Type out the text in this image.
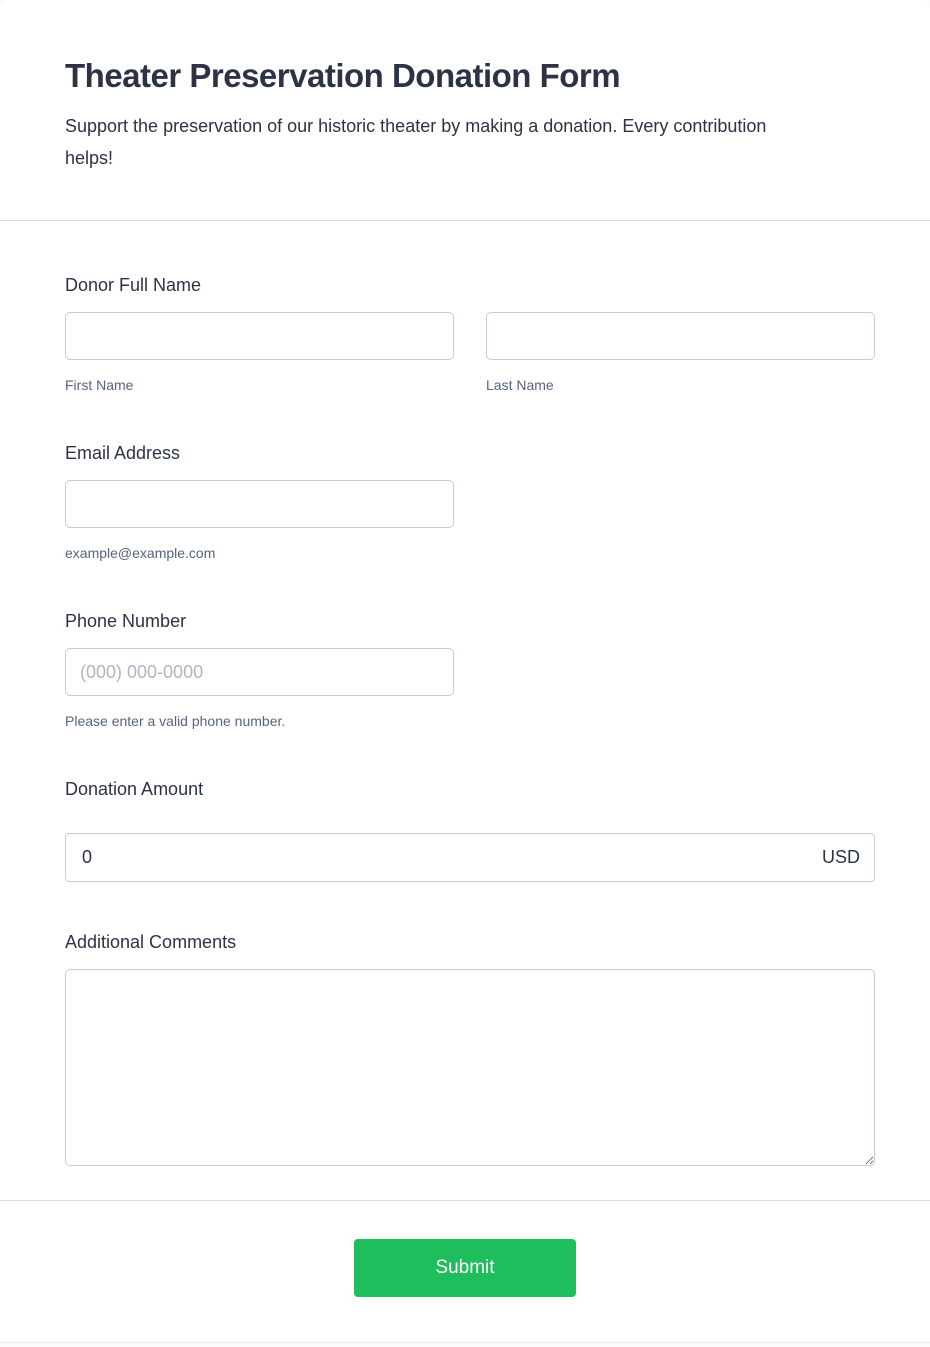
Theater Preservation Donation Form

Support the preservation of our historic theater by making a donation. Every contribution helps!

Donor Full Name
First Name	Last Name
Email Address
example@example.com
Phone Number
(000) 000-0000
Please enter a valid phone number.
Donation Amount
0
USD
Additional Comments
Submit
